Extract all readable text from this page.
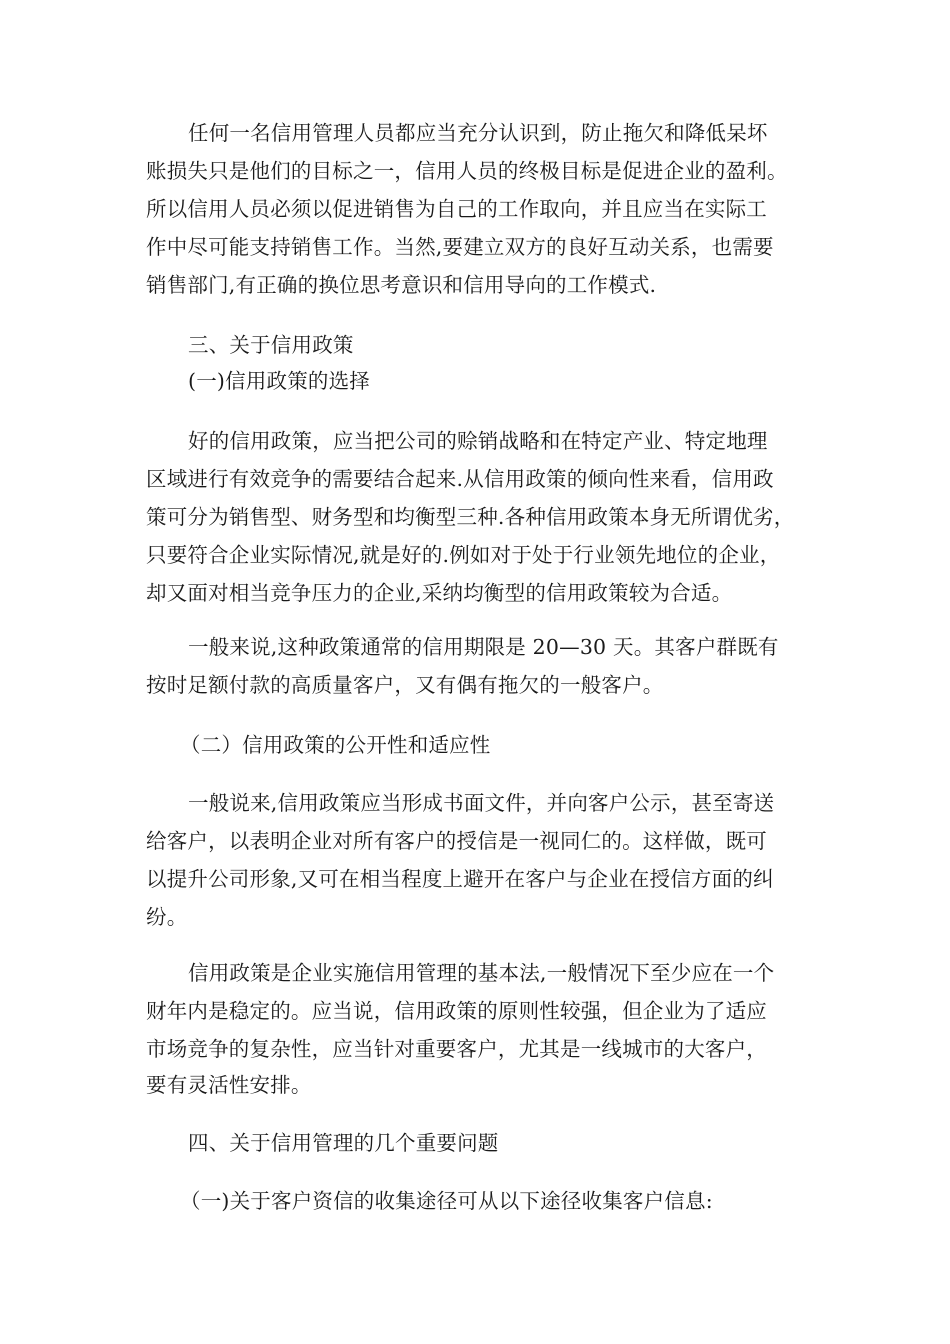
任何一名信用管理人员都应当充分认识到，防止拖欠和降低呆坏
账损失只是他们的目标之一，信用人员的终极目标是促进企业的盈利。
所以信用人员必须以促进销售为自己的工作取向，并且应当在实际工
作中尽可能支持销售工作。当然,要建立双方的良好互动关系，也需要
销售部门,有正确的换位思考意识和信用导向的工作模式.
三、关于信用政策
(一)信用政策的选择
好的信用政策，应当把公司的赊销战略和在特定产业、特定地理
区域进行有效竞争的需要结合起来.从信用政策的倾向性来看，信用政
策可分为销售型、财务型和均衡型三种.各种信用政策本身无所谓优劣，
只要符合企业实际情况,就是好的.例如对于处于行业领先地位的企业，
却又面对相当竞争压力的企业,采纳均衡型的信用政策较为合适。
一般来说,这种政策通常的信用期限是 20—30 天。其客户群既有
按时足额付款的高质量客户，又有偶有拖欠的一般客户。
（二）信用政策的公开性和适应性
一般说来,信用政策应当形成书面文件，并向客户公示，甚至寄送
给客户，以表明企业对所有客户的授信是一视同仁的。这样做，既可
以提升公司形象,又可在相当程度上避开在客户与企业在授信方面的纠
纷。
信用政策是企业实施信用管理的基本法,一般情况下至少应在一个
财年内是稳定的。应当说，信用政策的原则性较强，但企业为了适应
市场竞争的复杂性，应当针对重要客户，尤其是一线城市的大客户，
要有灵活性安排。
四、关于信用管理的几个重要问题
（一)关于客户资信的收集途径可从以下途径收集客户信息:
